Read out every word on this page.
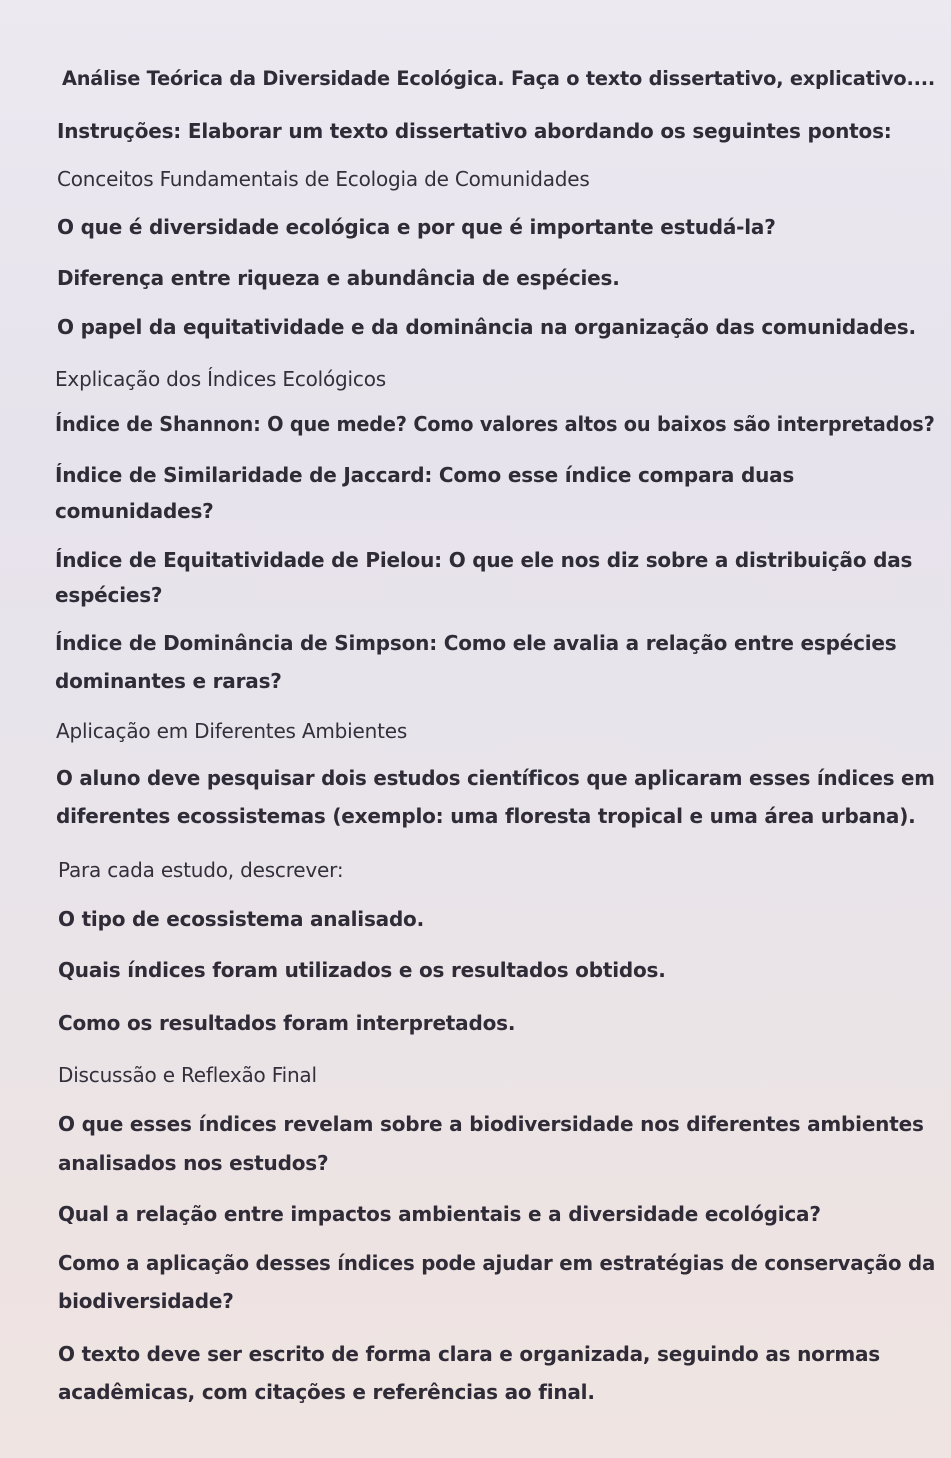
Análise Teórica da Diversidade Ecológica. Faça o texto dissertativo, explicativo....
Instruções: Elaborar um texto dissertativo abordando os seguintes pontos:
Conceitos Fundamentais de Ecologia de Comunidades
O que é diversidade ecológica e por que é importante estudá-la?
Diferença entre riqueza e abundância de espécies.
O papel da equitatividade e da dominância na organização das comunidades.
Explicação dos Índices Ecológicos
Índice de Shannon: O que mede? Como valores altos ou baixos são interpretados?
Índice de Similaridade de Jaccard: Como esse índice compara duas
comunidades?
Índice de Equitatividade de Pielou: O que ele nos diz sobre a distribuição das
espécies?
Índice de Dominância de Simpson: Como ele avalia a relação entre espécies
dominantes e raras?
Aplicação em Diferentes Ambientes
O aluno deve pesquisar dois estudos científicos que aplicaram esses índices em
diferentes ecossistemas (exemplo: uma floresta tropical e uma área urbana).
Para cada estudo, descrever:
O tipo de ecossistema analisado.
Quais índices foram utilizados e os resultados obtidos.
Como os resultados foram interpretados.
Discussão e Reflexão Final
O que esses índices revelam sobre a biodiversidade nos diferentes ambientes
analisados nos estudos?
Qual a relação entre impactos ambientais e a diversidade ecológica?
Como a aplicação desses índices pode ajudar em estratégias de conservação da
biodiversidade?
O texto deve ser escrito de forma clara e organizada, seguindo as normas
acadêmicas, com citações e referências ao final.
